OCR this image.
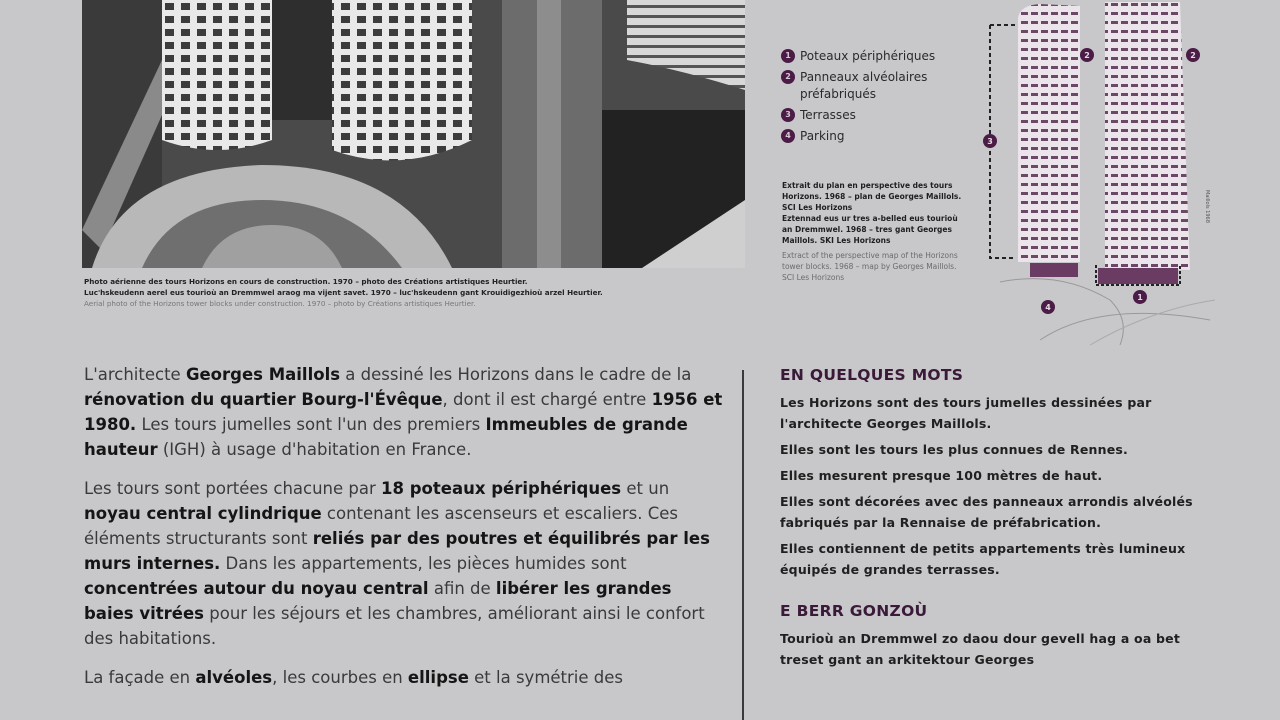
Photo aérienne des tours Horizons en cours de construction. 1970 – photo des Créations artistiques Heurtier.
Luc'hskeudenn aerel eus tourioù an Dremmwel araog ma vijent savet. 1970 – luc'hskeudenn gant Krouidigezhioù arzel Heurtier.
Aerial photo of the Horizons tower blocks under construction. 1970 – photo by Créations artistiques Heurtier.
1 Poteaux périphériques
2 Panneaux alvéolaires préfabriqués
3 Terrasses
4 Parking
Extrait du plan en perspective des tours Horizons. 1968 – plan de Georges Maillols. SCI Les Horizons
Eztennad eus ur tres a-belled eus tourioù an Dremmwel. 1968 – tres gant Georges Maillols. SKI Les Horizons
Extract of the perspective map of the Horizons tower blocks. 1968 – map by Georges Maillols. SCI Les Horizons
2	2
3
1
4
Maillols 1968

L'architecte Georges Maillols a dessiné les Horizons dans le cadre de la rénovation du quartier Bourg-l'Évêque, dont il est chargé entre 1956 et 1980. Les tours jumelles sont l'un des premiers Immeubles de grande hauteur (IGH) à usage d'habitation en France.

Les tours sont portées chacune par 18 poteaux périphériques et un noyau central cylindrique contenant les ascenseurs et escaliers. Ces éléments structurants sont reliés par des poutres et équilibrés par les murs internes. Dans les appartements, les pièces humides sont concentrées autour du noyau central afin de libérer les grandes baies vitrées pour les séjours et les chambres, améliorant ainsi le confort des habitations.

La façade en alvéoles, les courbes en ellipse et la symétrie des

EN QUELQUES MOTS
Les Horizons sont des tours jumelles dessinées par l'architecte Georges Maillols.
Elles sont les tours les plus connues de Rennes.
Elles mesurent presque 100 mètres de haut.
Elles sont décorées avec des panneaux arrondis alvéolés fabriqués par la Rennaise de préfabrication.
Elles contiennent de petits appartements très lumineux équipés de grandes terrasses.
E BERR GONZOÙ
Tourioù an Dremmwel zo daou dour gevell hag a oa bet treset gant an arkitektour Georges
